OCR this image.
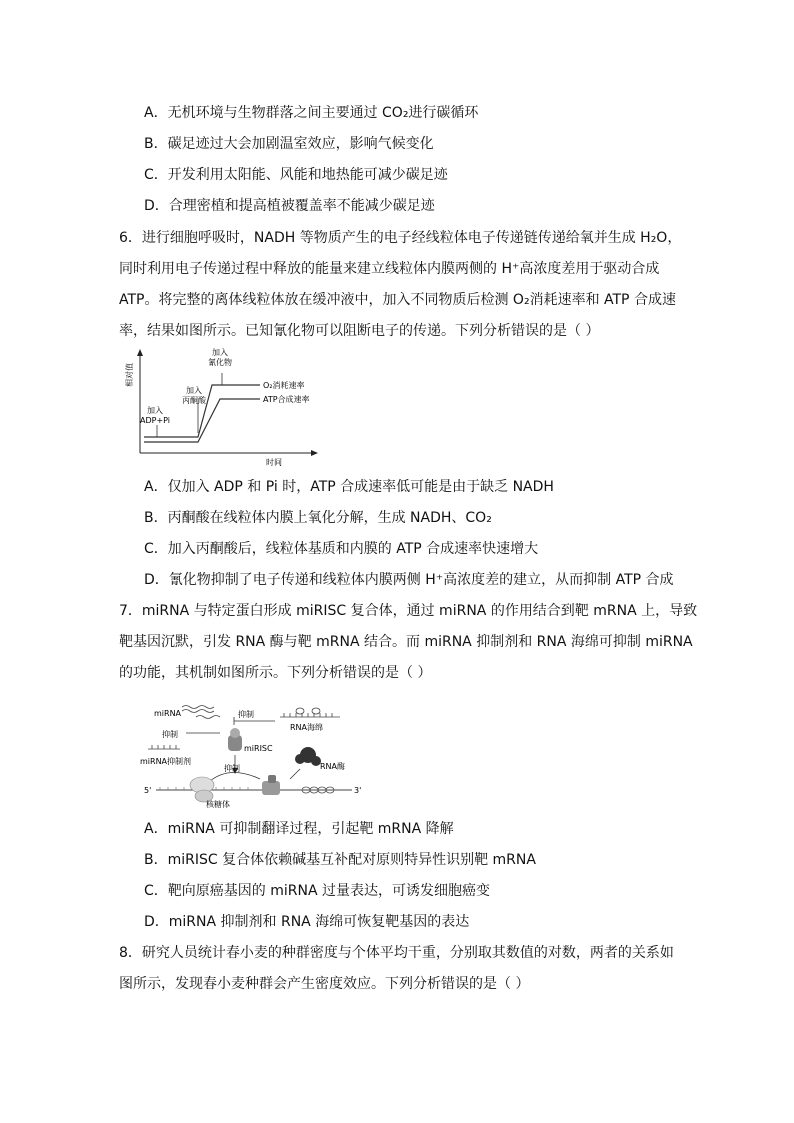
A．无机环境与生物群落之间主要通过 CO₂进行碳循环
B．碳足迹过大会加剧温室效应，影响气候变化
C．开发利用太阳能、风能和地热能可减少碳足迹
D．合理密植和提高植被覆盖率不能减少碳足迹
6．进行细胞呼吸时，NADH 等物质产生的电子经线粒体电子传递链传递给氧并生成 H₂O，
同时利用电子传递过程中释放的能量来建立线粒体内膜两侧的 H⁺高浓度差用于驱动合成
ATP。将完整的离体线粒体放在缓冲液中，加入不同物质后检测 O₂消耗速率和 ATP 合成速
率，结果如图所示。已知氰化物可以阻断电子的传递。下列分析错误的是（ ）
相对值
时间
加入
ADP+Pi
加入
丙酮酸
加入
氰化物
O₂消耗速率
ATP合成速率
A．仅加入 ADP 和 Pi 时，ATP 合成速率低可能是由于缺乏 NADH
B．丙酮酸在线粒体内膜上氧化分解，生成 NADH、CO₂
C．加入丙酮酸后，线粒体基质和内膜的 ATP 合成速率快速增大
D．氰化物抑制了电子传递和线粒体内膜两侧 H⁺高浓度差的建立，从而抑制 ATP 合成
7．miRNA 与特定蛋白形成 miRISC 复合体，通过 miRNA 的作用结合到靶 mRNA 上，导致
靶基因沉默，引发 RNA 酶与靶 mRNA 结合。而 miRNA 抑制剂和 RNA 海绵可抑制 miRNA
的功能，其机制如图所示。下列分析错误的是（ ）
miRNA	抑制
RNA海绵
抑制
miRNA抑制剂
miRISC
RNA酶
抑制
5'	3'
核糖体
A．miRNA 可抑制翻译过程，引起靶 mRNA 降解
B．miRISC 复合体依赖碱基互补配对原则特异性识别靶 mRNA
C．靶向原癌基因的 miRNA 过量表达，可诱发细胞癌变
D．miRNA 抑制剂和 RNA 海绵可恢复靶基因的表达
8．研究人员统计春小麦的种群密度与个体平均干重，分别取其数值的对数，两者的关系如
图所示，发现春小麦种群会产生密度效应。下列分析错误的是（ ）
